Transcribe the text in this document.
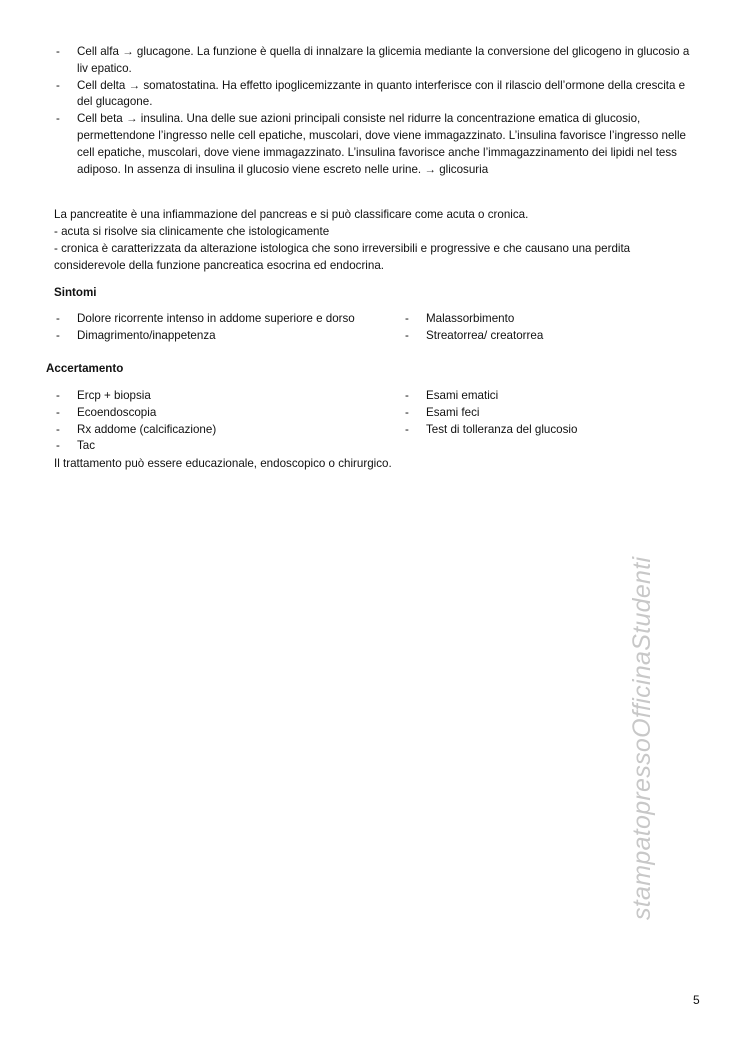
- Cell alfa → glucagone. La funzione è quella di innalzare la glicemia mediante la conversione del glicogeno in glucosio a liv epatico.
- Cell delta → somatostatina. Ha effetto ipoglicemizzante in quanto interferisce con il rilascio dell’ormone della crescita e del glucagone.
- Cell beta → insulina. Una delle sue azioni principali consiste nel ridurre la concentrazione ematica di glucosio, permettendone l’ingresso nelle cell epatiche, muscolari, dove viene immagazzinato. L’insulina favorisce l’ingresso nelle cell epatiche, muscolari, dove viene immagazzinato. L’insulina favorisce anche l’immagazzinamento dei lipidi nel tess adiposo. In assenza di insulina il glucosio viene escreto nelle urine. → glicosuria

La pancreatite è una infiammazione del pancreas e si può classificare come acuta o cronica.

- acuta si risolve sia clinicamente che istologicamente

- cronica è caratterizzata da alterazione istologica che sono irreversibili e progressive e che causano una perdita considerevole della funzione pancreatica esocrina ed endocrina.

Sintomi
- Dolore ricorrente intenso in addome superiore e dorso
- Dimagrimento/inappetenza
- Malassorbimento
- Streatorrea/ creatorrea
Accertamento
- Ercp + biopsia
- Ecoendoscopia
- Rx addome (calcificazione)
- Tac
- Esami ematici
- Esami feci
- Test di tolleranza del glucosio

Il trattamento può essere educazionale, endoscopico o chirurgico.

stampatopressoOfficinaStudenti
5
